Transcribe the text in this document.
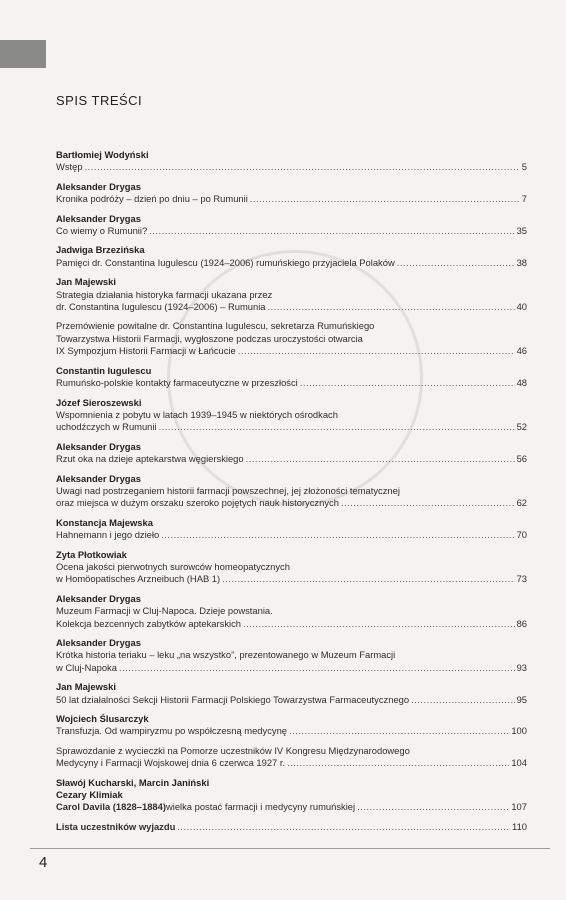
SPIS TREŚCI
Bartłomiej Wodyński
Wstęp .....	5
Aleksander Drygas
Kronika podróży – dzień po dniu – po Rumunii .....	7
Aleksander Drygas
Co wiemy o Rumunii? .....	35
Jadwiga Brzezińska
Pamięci dr. Constantina Iugulescu (1924–2006) rumuńskiego przyjaciela Polaków .....	38
Jan Majewski
Strategia działania historyka farmacji ukazana przez
dr. Constantina Iugulescu (1924–2006) – Rumunia .....	40
Przemówienie powitalne dr. Constantina Iugulescu, sekretarza Rumuńskiego
Towarzystwa Historii Farmacji, wygłoszone podczas uroczystości otwarcia
IX Sympozjum Historii Farmacji w Łańcucie .....	46
Constantin Iugulescu
Rumuńsko-polskie kontakty farmaceutyczne w przeszłości .....	48
Józef Sieroszewski
Wspomnienia z pobytu w latach 1939–1945 w niektórych ośrodkach
uchodźczych w Rumunii .....	52
Aleksander Drygas
Rzut oka na dzieje aptekarstwa węgierskiego .....	56
Aleksander Drygas
Uwagi nad postrzeganiem historii farmacji powszechnej, jej złożoności tematycznej
oraz miejsca w dużym orszaku szeroko pojętych nauk historycznych .....	62
Konstancja Majewska
Hahnemann i jego dzieło .....	70
Zyta Płotkowiak
Ocena jakości pierwotnych surowców homeopatycznych
w Homöopatisches Arzneibuch (HAB 1) .....	73
Aleksander Drygas
Muzeum Farmacji w Cluj-Napoca. Dzieje powstania.
Kolekcja bezcennych zabytków aptekarskich .....	86
Aleksander Drygas
Krótka historia teriaku – leku „na wszystko”, prezentowanego w Muzeum Farmacji
w Cluj-Napoka .....	93
Jan Majewski
50 lat działalności Sekcji Historii Farmacji Polskiego Towarzystwa Farmaceutycznego .....	95
Wojciech Ślusarczyk
Transfuzja. Od wampiryzmu po współczesną medycynę .....	100
Sprawozdanie z wycieczki na Pomorze uczestników IV Kongresu Międzynarodowego
Medycyny i Farmacji Wojskowej dnia 6 czerwca 1927 r. .....	104
Sławój Kucharski, Marcin Janiński
Cezary Klimiak
Carol Davila (1828–1884) wielka postać farmacji i medycyny rumuńskiej .....	107
Lista uczestników wyjazdu .....	110
4
